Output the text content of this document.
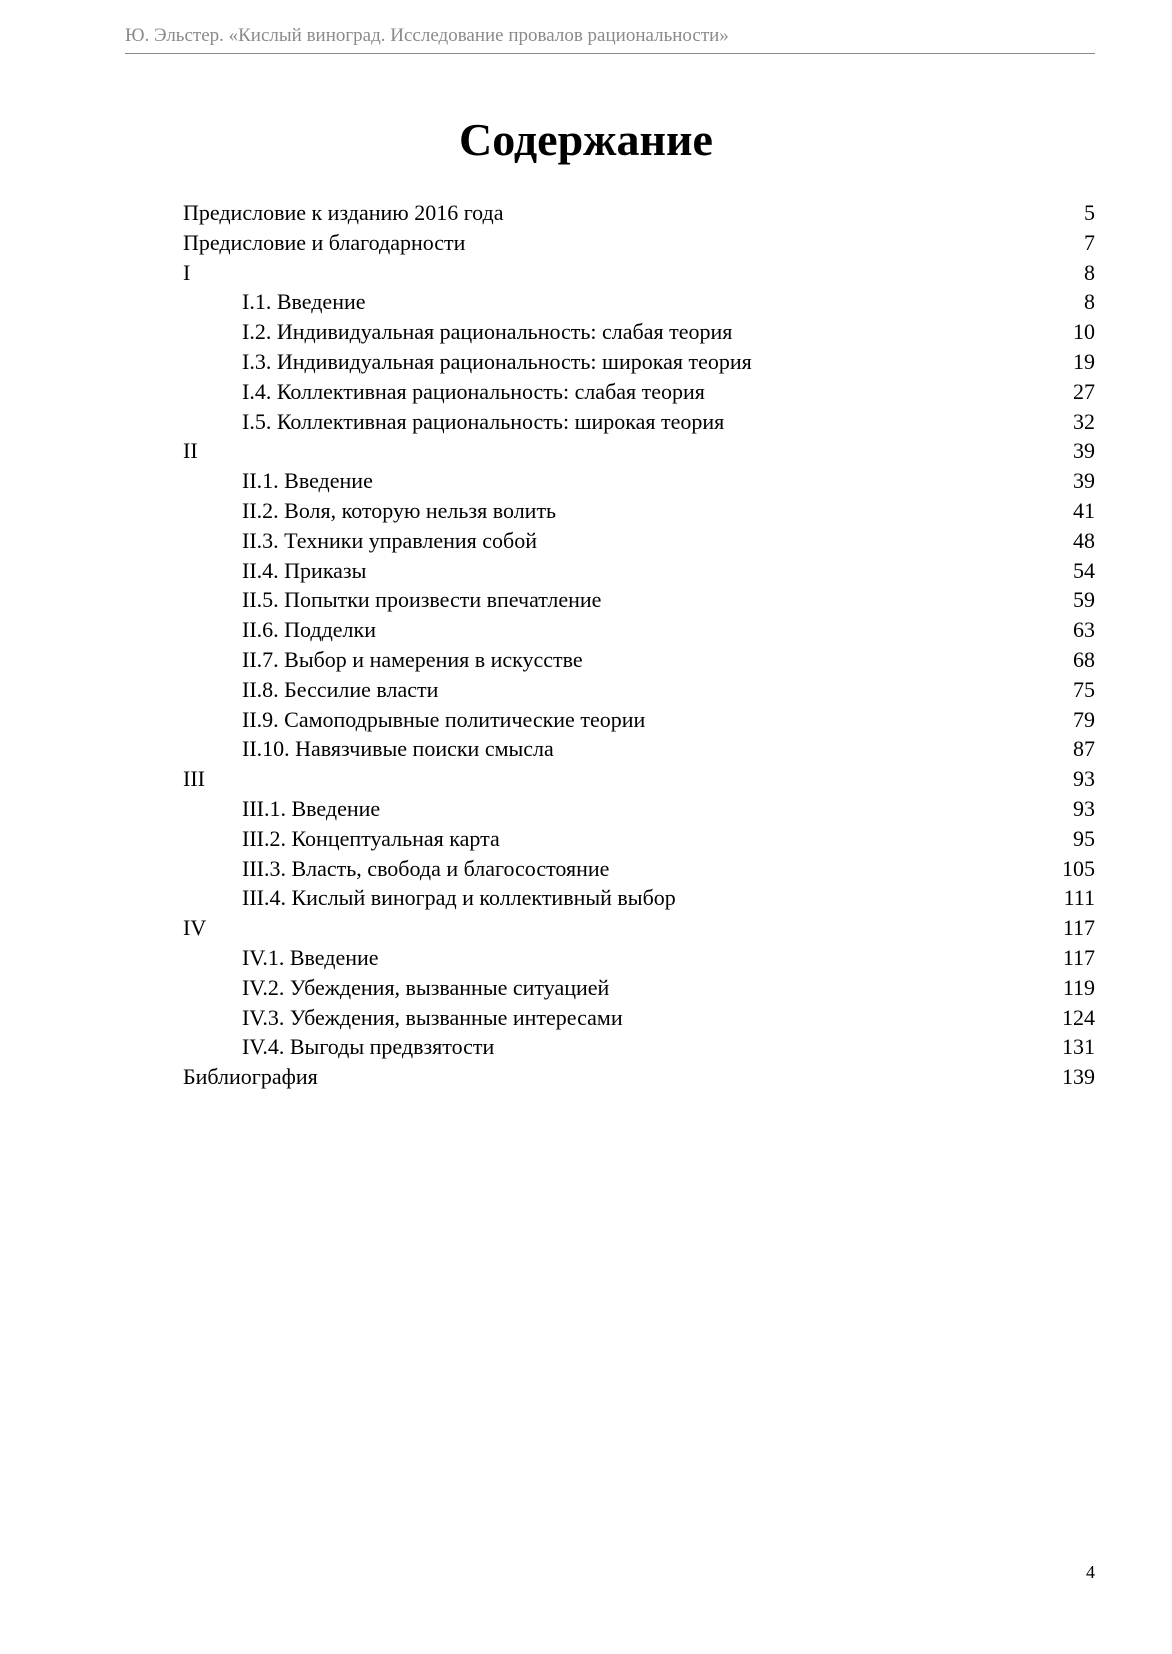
Ю. Эльстер. «Кислый виноград. Исследование провалов рациональности»
Содержание
Предисловие к изданию 2016 года	5
Предисловие и благодарности	7
I	8
I.1. Введение	8
I.2. Индивидуальная рациональность: слабая теория	10
I.3. Индивидуальная рациональность: широкая теория	19
I.4. Коллективная рациональность: слабая теория	27
I.5. Коллективная рациональность: широкая теория	32
II	39
II.1. Введение	39
II.2. Воля, которую нельзя волить	41
II.3. Техники управления собой	48
II.4. Приказы	54
II.5. Попытки произвести впечатление	59
II.6. Подделки	63
II.7. Выбор и намерения в искусстве	68
II.8. Бессилие власти	75
II.9. Самоподрывные политические теории	79
II.10. Навязчивые поиски смысла	87
III	93
III.1. Введение	93
III.2. Концептуальная карта	95
III.3. Власть, свобода и благосостояние	105
III.4. Кислый виноград и коллективный выбор	111
IV	117
IV.1. Введение	117
IV.2. Убеждения, вызванные ситуацией	119
IV.3. Убеждения, вызванные интересами	124
IV.4. Выгоды предвзятости	131
Библиография	139
4
